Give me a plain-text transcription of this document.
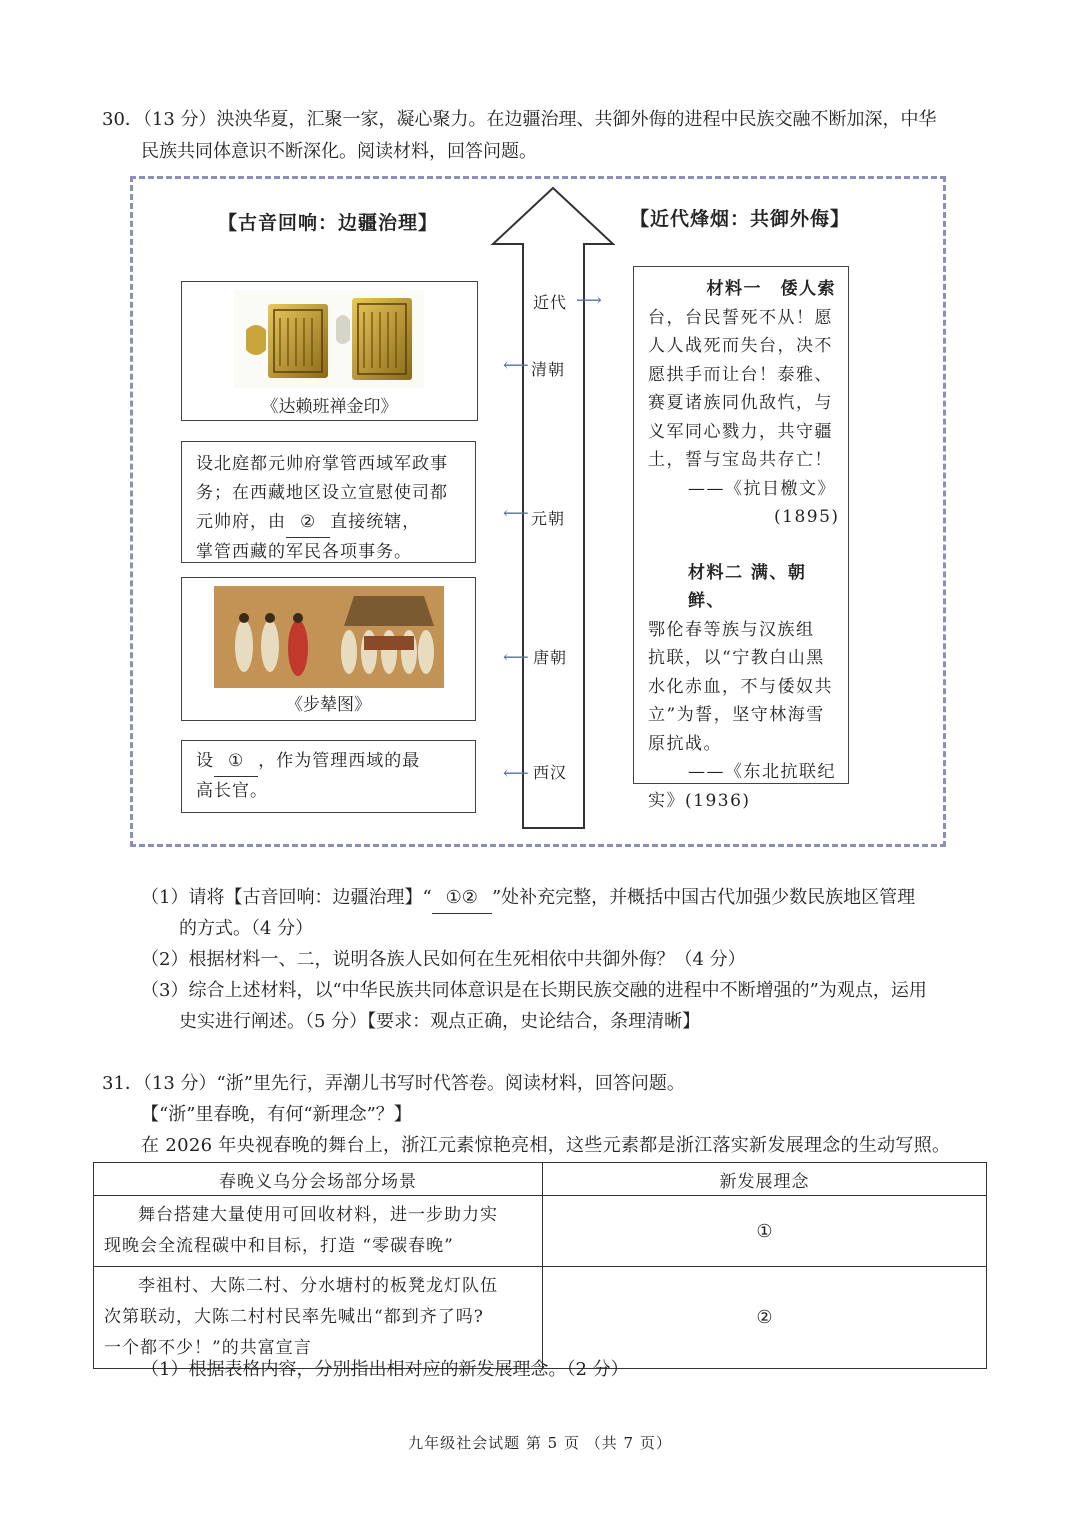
30．（13 分）泱泱华夏，汇聚一家，凝心聚力。在边疆治理、共御外侮的进程中民族交融不断加深，中华
民族共同体意识不断深化。阅读材料，回答问题。
【古音回响：边疆治理】	【近代烽烟：共御外侮】
近代 ⟶
⟵ 清朝
⟵ 元朝
⟵ 唐朝
⟵ 西汉
《达赖班禅金印》
设北庭都元帅府掌管西域军政事
务；在西藏地区设立宣慰使司都
元帅府，由 ② 直接统辖，
掌管西藏的军民各项事务。
《步辇图》
设 ① ，作为管理西域的最
高长官。
材料一　倭人索
台，台民誓死不从！愿
人人战死而失台，决不
愿拱手而让台！泰雅、
赛夏诸族同仇敌忾，与
义军同心戮力，共守疆
土，誓与宝岛共存亡！
——《抗日檄文》
(1895)
材料二 满、朝鲜、
鄂伦春等族与汉族组
抗联，以“宁教白山黑
水化赤血，不与倭奴共
立”为誓，坚守林海雪
原抗战。
——《东北抗联纪
实》(1936)
（1）请将【古音回响：边疆治理】“ ①② ”处补充完整，并概括中国古代加强少数民族地区管理
的方式。（4 分）
（2）根据材料一、二，说明各族人民如何在生死相依中共御外侮？（4 分）
（3）综合上述材料，以“中华民族共同体意识是在长期民族交融的进程中不断增强的”为观点，运用
史实进行阐述。（5 分）【要求：观点正确，史论结合，条理清晰】
31．（13 分）“浙”里先行，弄潮儿书写时代答卷。阅读材料，回答问题。
【“浙”里春晚，有何“新理念”？】
在 2026 年央视春晚的舞台上，浙江元素惊艳亮相，这些元素都是浙江落实新发展理念的生动写照。
春晚义乌分会场部分场景	新发展理念

舞台搭建大量使用可回收材料，进一步助力实
现晚会全流程碳中和目标，打造 “零碳春晚”	①

李祖村、大陈二村、分水塘村的板凳龙灯队伍
次第联动，大陈二村村民率先喊出“都到齐了吗?
一个都不少！”的共富宣言	②
（1）根据表格内容，分别指出相对应的新发展理念。（2 分）
九年级社会试题 第 5 页 （共 7 页）
